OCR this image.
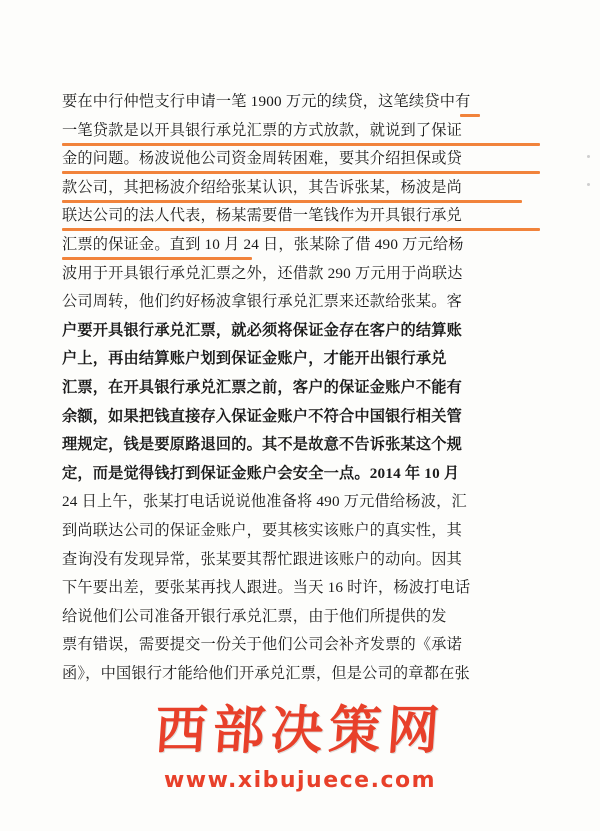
要在中行仲恺支行申请一笔 1900 万元的续贷，这笔续贷中有
一笔贷款是以开具银行承兑汇票的方式放款，就说到了保证
金的问题。杨波说他公司资金周转困难，要其介绍担保或贷
款公司，其把杨波介绍给张某认识，其告诉张某，杨波是尚
联达公司的法人代表，杨某需要借一笔钱作为开具银行承兑
汇票的保证金。直到 10 月 24 日，张某除了借 490 万元给杨
波用于开具银行承兑汇票之外，还借款 290 万元用于尚联达
公司周转，他们约好杨波拿银行承兑汇票来还款给张某。客
户要开具银行承兑汇票，就必须将保证金存在客户的结算账
户上，再由结算账户划到保证金账户，才能开出银行承兑
汇票，在开具银行承兑汇票之前，客户的保证金账户不能有
余额，如果把钱直接存入保证金账户不符合中国银行相关管
理规定，钱是要原路退回的。其不是故意不告诉张某这个规
定，而是觉得钱打到保证金账户会安全一点。2014 年 10 月
24 日上午，张某打电话说说他准备将 490 万元借给杨波，汇
到尚联达公司的保证金账户，要其核实该账户的真实性，其
查询没有发现异常，张某要其帮忙跟进该账户的动向。因其
下午要出差，要张某再找人跟进。当天 16 时许，杨波打电话
给说他们公司准备开银行承兑汇票，由于他们所提供的发
票有错误，需要提交一份关于他们公司会补齐发票的《承诺
函》，中国银行才能给他们开承兑汇票，但是公司的章都在张
西部决策网
www.xibujuece.com
